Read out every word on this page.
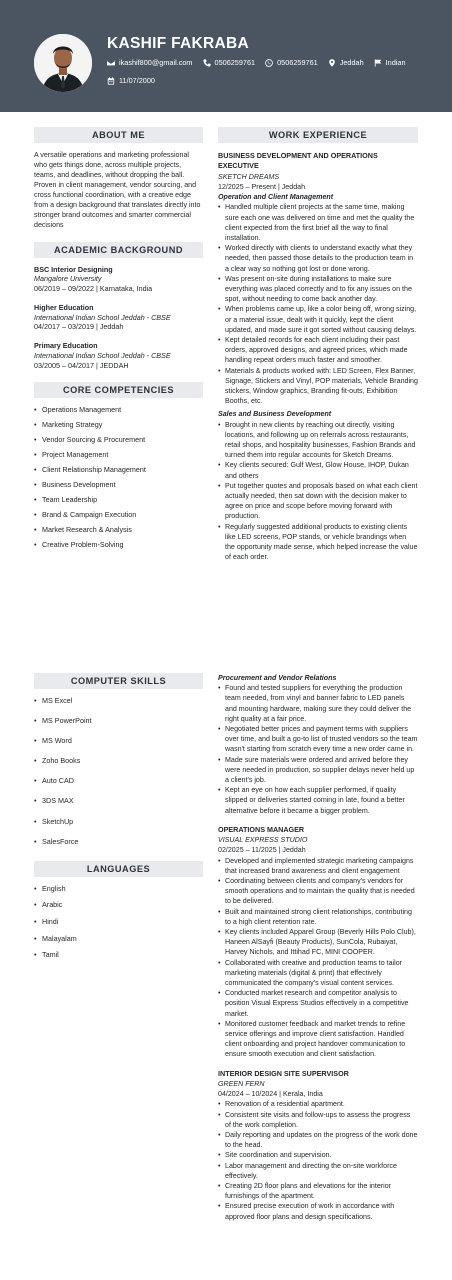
KASHIF FAKRABA
ikashif800@gmail.com	0506259761	0506259761	Jeddah	Indian
11/07/2000
ABOUT ME
A versatile operations and marketing professional who gets things done, across multiple projects, teams, and deadlines, without dropping the ball. Proven in client management, vendor sourcing, and cross functional coordination, with a creative edge from a design background that translates directly into stronger brand outcomes and smarter commercial decisions
ACADEMIC BACKGROUND
BSC Interior Designing
Mangalore University
06/2019 – 09/2022 | Karnataka, India
Higher Education
International Indian School Jeddah - CBSE
04/2017 – 03/2019 | Jeddah
Primary Education
International Indian School Jeddah - CBSE
03/2005 – 04/2017 | JEDDAH
CORE COMPETENCIES
• Operations Management
• Marketing Strategy
• Vendor Sourcing & Procurement
• Project Management
• Client Relationship Management
• Business Development
• Team Leadership
• Brand & Campaign Execution
• Market Research & Analysis
• Creative Problem-Solving
COMPUTER SKILLS
• MS Excel
• MS PowerPoint
• MS Word
• Zoho Books
• Auto CAD
• 3DS MAX
• SketchUp
• SalesForce
LANGUAGES
• English
• Arabic
• Hindi
• Malayalam
• Tamil
WORK EXPERIENCE
BUSINESS DEVELOPMENT AND OPERATIONS EXECUTIVE
SKETCH DREAMS
12/2025 – Present | Jeddah
Operation and Client Management
• Handled multiple client projects at the same time, making sure each one was delivered on time and met the quality the client expected from the first brief all the way to final installation.
• Worked directly with clients to understand exactly what they needed, then passed those details to the production team in a clear way so nothing got lost or done wrong.
• Was present on-site during installations to make sure everything was placed correctly and to fix any issues on the spot, without needing to come back another day.
• When problems came up, like a color being off, wrong sizing, or a material issue, dealt with it quickly, kept the client updated, and made sure it got sorted without causing delays.
• Kept detailed records for each client including their past orders, approved designs, and agreed prices, which made handling repeat orders much faster and smoother.
• Materials & products worked with: LED Screen, Flex Banner, Signage, Stickers and Vinyl, POP materials, Vehicle Branding stickers, Window graphics, Branding fit-outs, Exhibition Booths, etc.
Sales and Business Development
• Brought in new clients by reaching out directly, visiting locations, and following up on referrals across restaurants, retail shops, and hospitality businesses, Fashion Brands and turned them into regular accounts for Sketch Dreams.
• Key clients secured: Gulf West, Glow House, IHOP, Dukan and others
• Put together quotes and proposals based on what each client actually needed, then sat down with the decision maker to agree on price and scope before moving forward with production.
• Regularly suggested additional products to existing clients like LED screens, POP stands, or vehicle brandings when the opportunity made sense, which helped increase the value of each order.
Procurement and Vendor Relations
• Found and tested suppliers for everything the production team needed, from vinyl and banner fabric to LED panels and mounting hardware, making sure they could deliver the right quality at a fair price.
• Negotiated better prices and payment terms with suppliers over time, and built a go-to list of trusted vendors so the team wasn't starting from scratch every time a new order came in.
• Made sure materials were ordered and arrived before they were needed in production, so supplier delays never held up a client's job.
• Kept an eye on how each supplier performed, if quality slipped or deliveries started coming in late, found a better alternative before it became a bigger problem.
OPERATIONS MANAGER
VISUAL EXPRESS STUDIO
02/2025 – 11/2025 | Jeddah
• Developed and implemented strategic marketing campaigns that increased brand awareness and client engagement
• Coordinating between clients and company's vendors for smooth operations and to maintain the quality that is needed to be delivered.
• Built and maintained strong client relationships, contributing to a high client retention rate.
• Key clients included Apparel Group (Beverly Hills Polo Club), Haneen AlSayfi (Beauty Products), SunCola, Rubaiyat, Harvey Nichols, and Ittihad FC, MINI COOPER.
• Collaborated with creative and production teams to tailor marketing materials (digital & print) that effectively communicated the company's visual content services.
• Conducted market research and competitor analysis to position Visual Express Studios effectively in a competitive market.
• Monitored customer feedback and market trends to refine service offerings and improve client satisfaction. Handled client onboarding and project handover communication to ensure smooth execution and client satisfaction.
INTERIOR DESIGN SITE SUPERVISOR
GREEN FERN
04/2024 – 10/2024 | Kerala, India
• Renovation of a residential apartment.
• Consistent site visits and follow-ups to assess the progress of the work completion.
• Daily reporting and updates on the progress of the work done to the head.
• Site coordination and supervision.
• Labor management and directing the on-site workforce effectively.
• Creating 2D floor plans and elevations for the interior furnishings of the apartment.
• Ensured precise execution of work in accordance with approved floor plans and design specifications.
